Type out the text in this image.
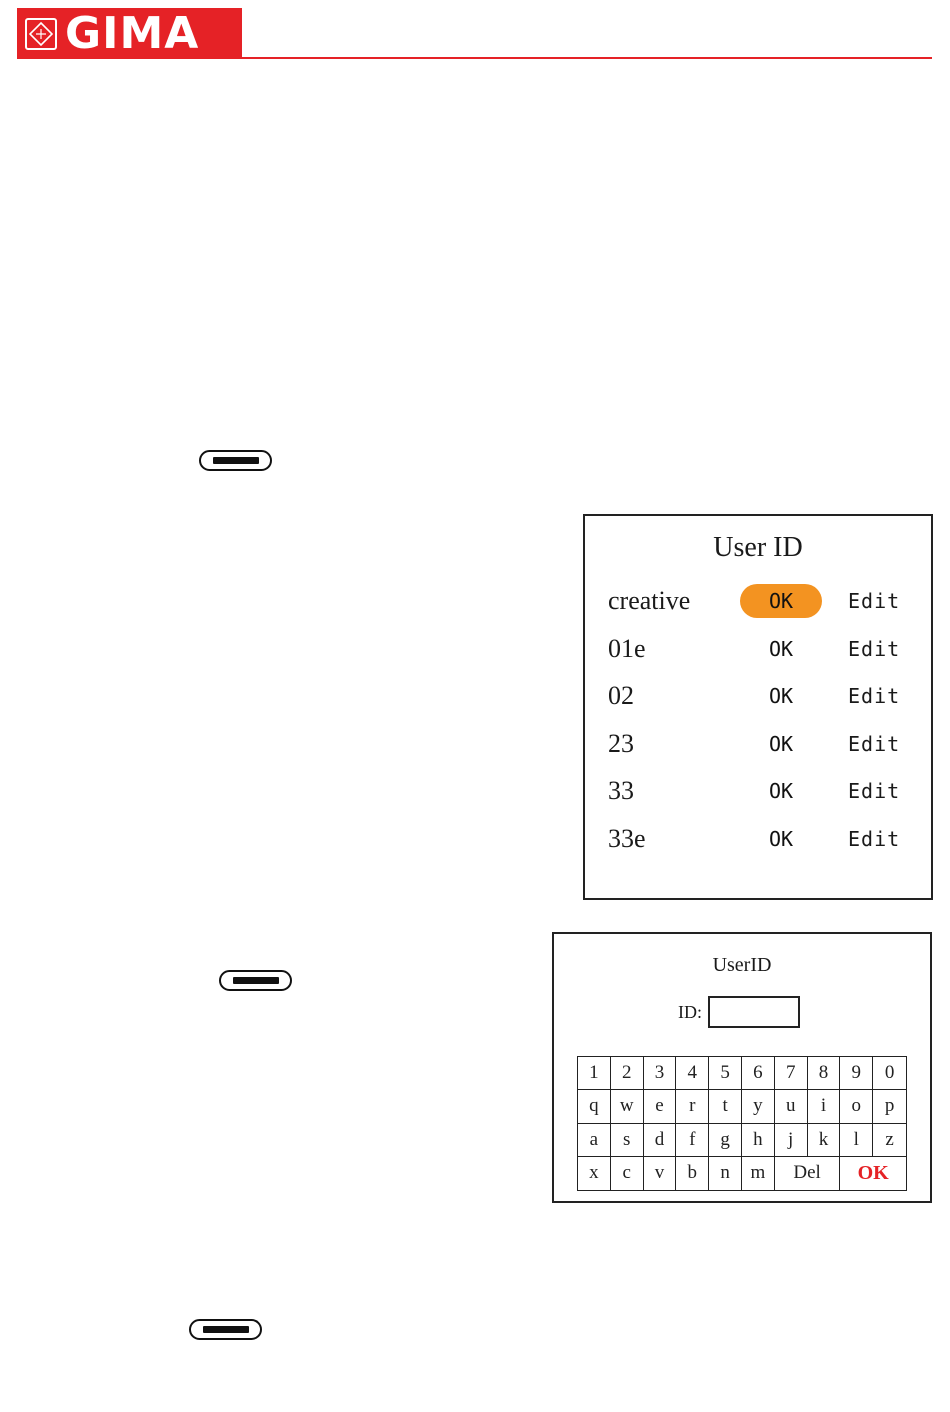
GIMA
User ID
creative	OK	Edit
01e	OK	Edit
02	OK	Edit
23	OK	Edit
33	OK	Edit
33e	OK	Edit
UserID
ID:
1	2	3	4	5	6	7	8	9	0
q	w	e	r	t	y	u	i	o	p
a	s	d	f	g	h	j	k	l	z
x	c	v	b	n	m	Del	OK
